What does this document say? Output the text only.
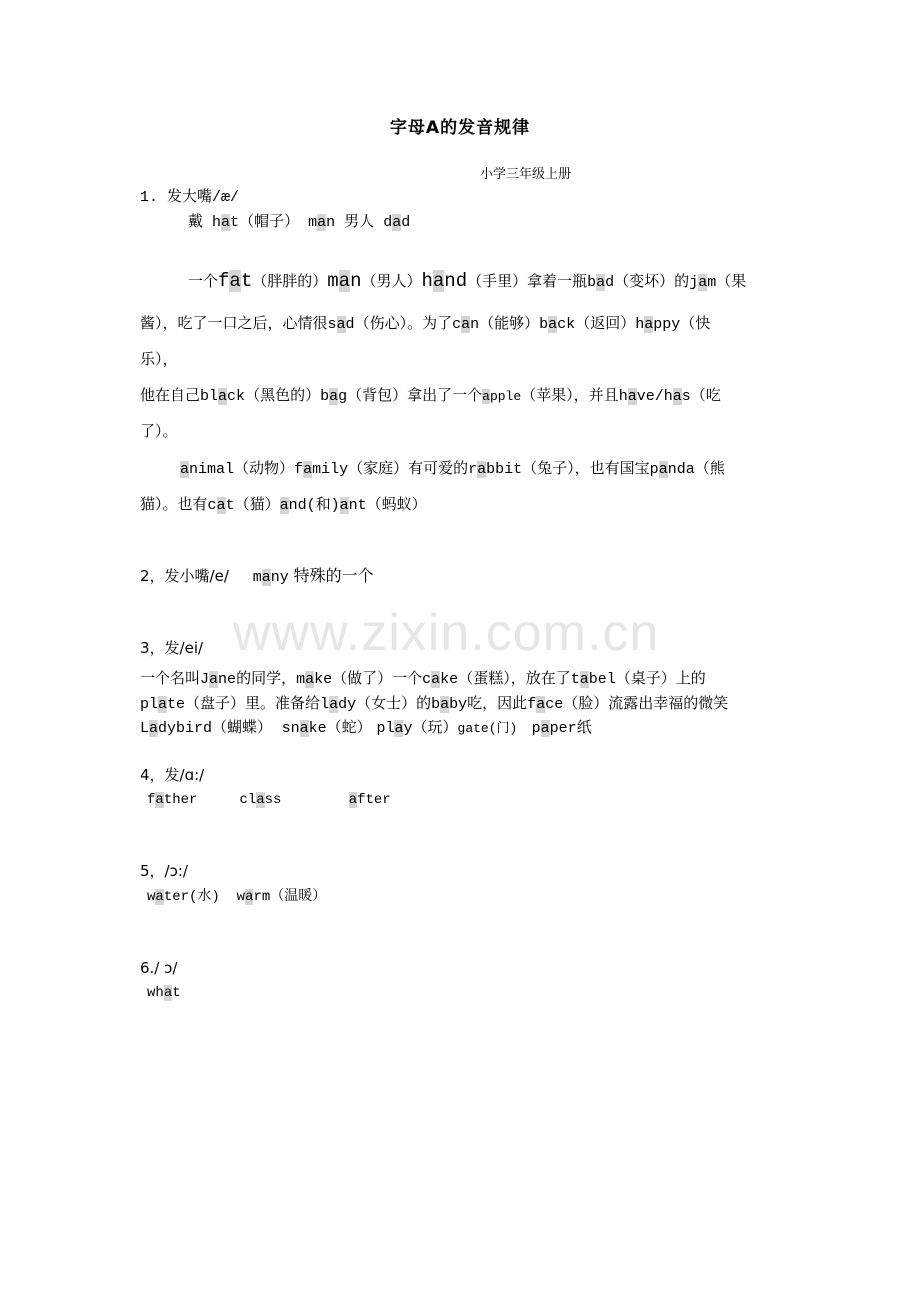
www.zixin.com.cn
字母A的发音规律
小学三年级上册
1. 发大嘴/æ/
戴 hat（帽子） man 男人 dad
一个fat（胖胖的）man（男人）hand（手里）拿着一瓶bad（变坏）的jam（果
酱），吃了一口之后，心情很sad（伤心）。为了can（能够）back（返回）happy（快
乐），
他在自己black（黑色的）bag（背包）拿出了一个apple（苹果），并且have/has（吃
了）。
animal（动物）family（家庭）有可爱的rabbit（兔子），也有国宝panda（熊
猫）。也有cat（猫）and(和)ant（蚂蚁）
2，发小嘴/e/ many 特殊的一个
3，发/ei/
一个名叫Jane的同学，make（做了）一个cake（蛋糕），放在了tabel（桌子）上的
plate（盘子）里。准备给lady（女士）的baby吃，因此face（脸）流露出幸福的微笑
Ladybird（蝴蝶） snake（蛇） play（玩）gate(门) paper纸
4，发/ɑ:/
father	class	after
5，/ɔ:/
water(水) warm（温暖）
6./ ɔ/
what
